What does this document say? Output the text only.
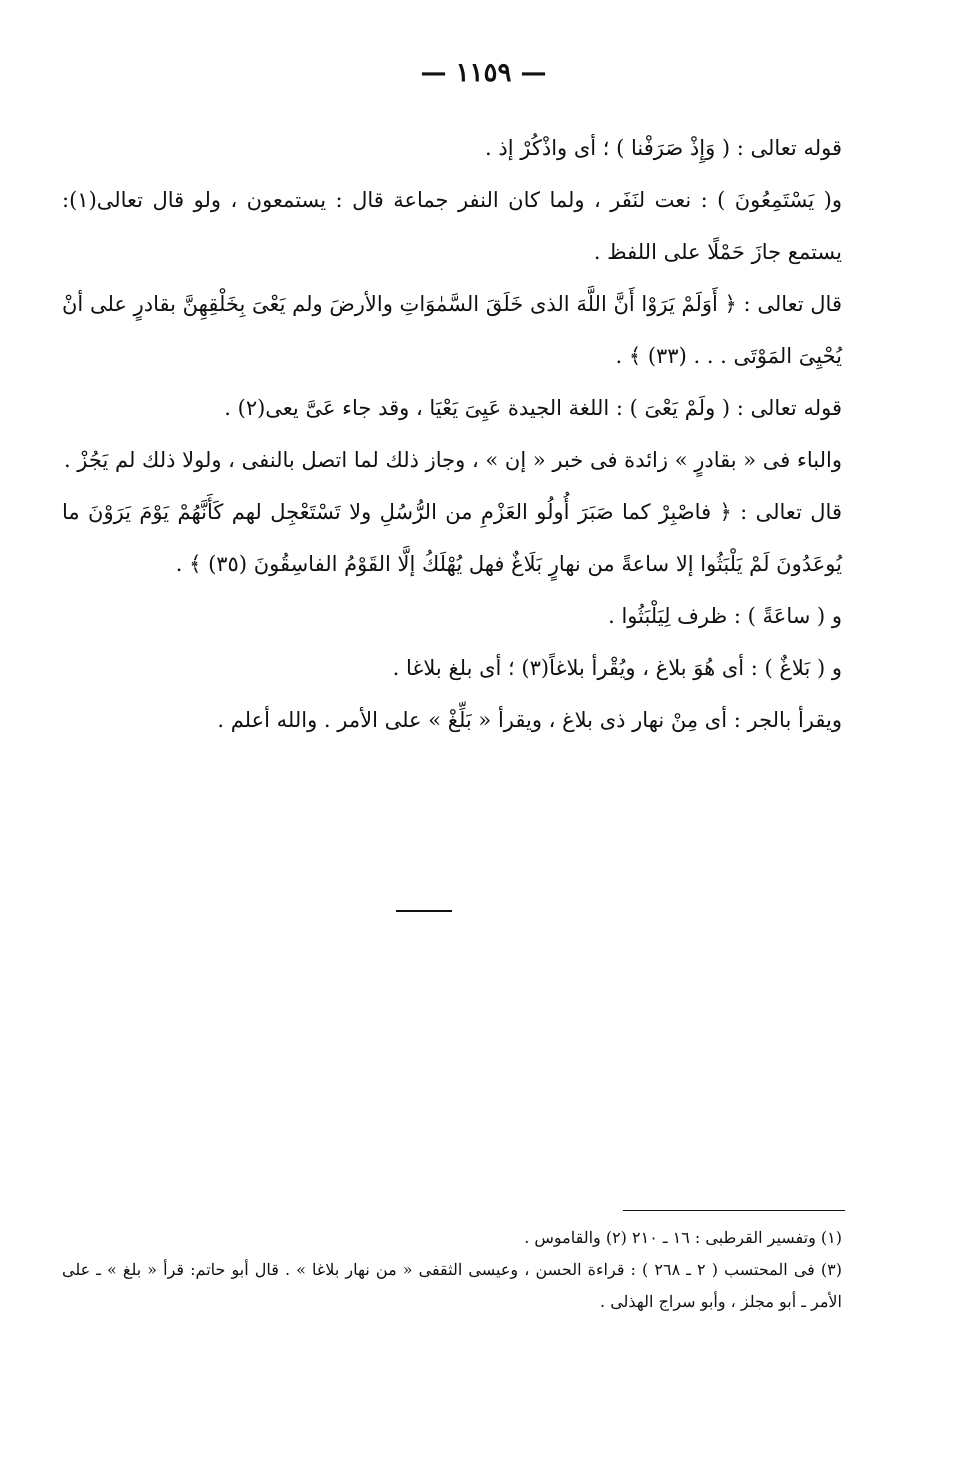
— ١١٥٩ —

قوله تعالى : ( وَإِذْ صَرَفْنا ) ؛ أى واذْكُرْ إذ .

و( يَسْتَمِعُونَ ) : نعت لنَفَر ، ولما كان النفر جماعة قال : يستمعون ، ولو قال تعالى(١): يستمع جازَ حَمْلًا على اللفظ .

قال تعالى : ﴿ أَوَلَمْ يَرَوْا أَنَّ اللَّهَ الذى خَلَقَ السَّمٰوَاتِ والأرضَ ولم يَعْىَ بِخَلْقِهِنَّ بقادرٍ على أنْ يُحْيِىَ المَوْتَى . . . (٣٣) ﴾ .

قوله تعالى : ( ولَمْ يَعْىَ ) : اللغة الجيدة عَيِىَ يَعْيَا ، وقد جاء عَىَّ يعى(٢) .

والباء فى « بقادرٍ » زائدة فى خبر « إن » ، وجاز ذلك لما اتصل بالنفى ، ولولا ذلك لم يَجُزْ .

قال تعالى : ﴿ فاصْبِرْ كما صَبَرَ أُولُو العَزْمِ من الرُّسُلِ ولا تَسْتَعْجِل لهم كَأَنَّهُمْ يَوْمَ يَرَوْنَ ما يُوعَدُونَ لَمْ يَلْبَثُوا إلا ساعةً من نهارٍ بَلَاغٌ فهل يُهْلَكُ إلَّا القَوْمُ الفاسِقُونَ (٣٥) ﴾ .

و ( ساعَةً ) : ظرف لِيَلْبَثُوا .

و ( بَلاغٌ ) : أى هُوَ بلاغ ، ويُقْرأ بلاغاً(٣) ؛ أى بلغ بلاغا .

ويقرأ بالجر : أى مِنْ نهار ذى بلاغ ، ويقرأ « بَلِّغْ » على الأمر . والله أعلم .

(١) وتفسير القرطبى : ١٦ ـ ٢١٠ (٢) والقاموس .

(٣) فى المحتسب ( ٢ ـ ٢٦٨ ) : قراءة الحسن ، وعيسى الثقفى « من نهار بلاغا » . قال أبو حاتم: قرأ « بلغ » ـ على الأمر ـ أبو مجلز ، وأبو سراج الهذلى .
